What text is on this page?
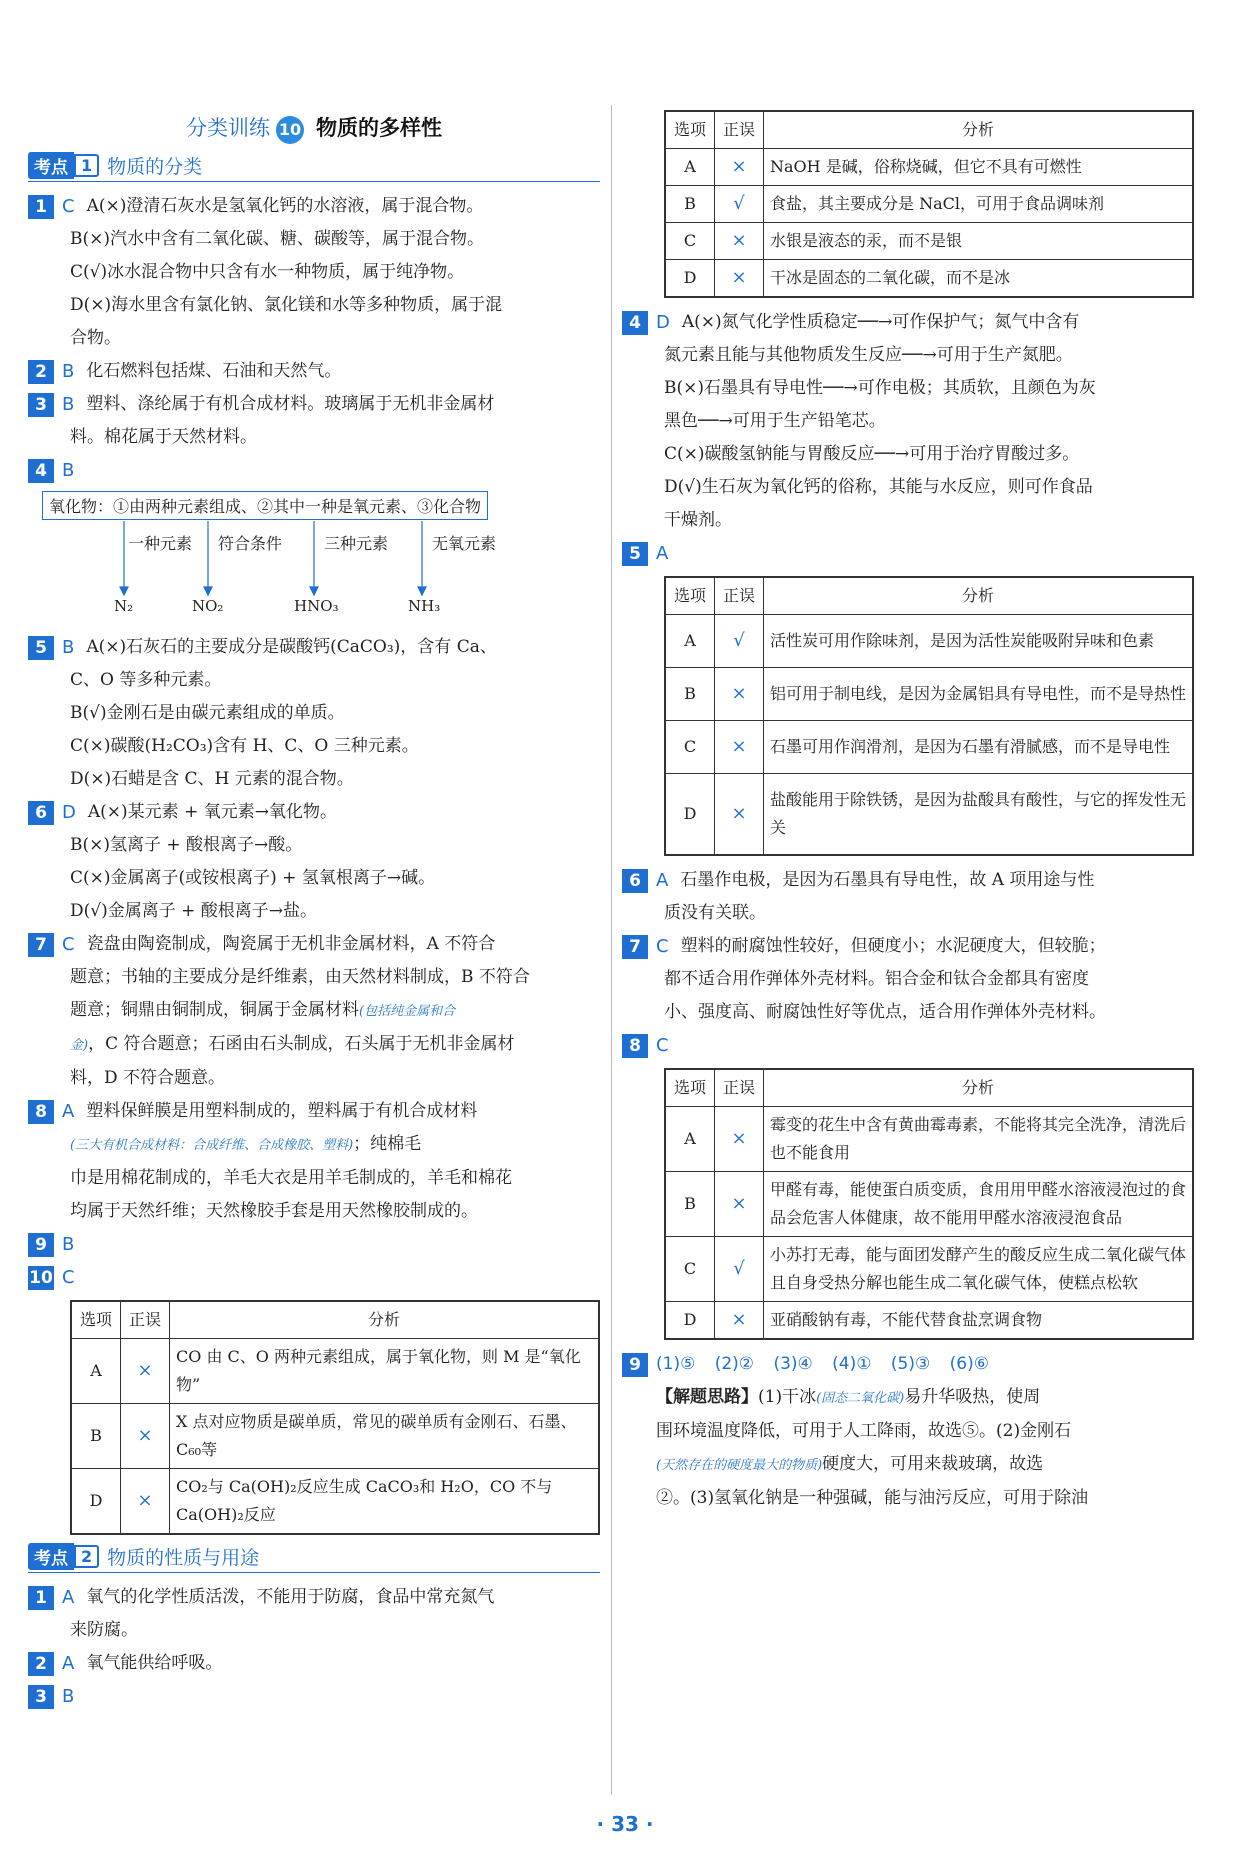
分类训练 10 物质的多样性
考点 1 物质的分类
1 C A(×)澄清石灰水是氢氧化钙的水溶液，属于混合物。
B(×)汽水中含有二氧化碳、糖、碳酸等，属于混合物。
C(√)冰水混合物中只含有水一种物质，属于纯净物。
D(×)海水里含有氯化钠、氯化镁和水等多种物质，属于混
合物。
2 B 化石燃料包括煤、石油和天然气。
3 B 塑料、涤纶属于有机合成材料。玻璃属于无机非金属材
料。棉花属于天然材料。
4 B
氧化物：①由两种元素组成、②其中一种是氧元素、③化合物
一种元素 符合条件	三种元素	无氧元素
N₂	NO₂	HNO₃	NH₃
5 B A(×)石灰石的主要成分是碳酸钙(CaCO₃)，含有 Ca、
C、O 等多种元素。
B(√)金刚石是由碳元素组成的单质。
C(×)碳酸(H₂CO₃)含有 H、C、O 三种元素。
D(×)石蜡是含 C、H 元素的混合物。
6 D A(×)某元素 + 氧元素→氧化物。
B(×)氢离子 + 酸根离子→酸。
C(×)金属离子(或铵根离子) + 氢氧根离子→碱。
D(√)金属离子 + 酸根离子→盐。
7 C 瓷盘由陶瓷制成，陶瓷属于无机非金属材料，A 不符合
题意；书轴的主要成分是纤维素，由天然材料制成，B 不符合
题意；铜鼎由铜制成，铜属于金属材料(包括纯金属和合
金)，C 符合题意；石函由石头制成，石头属于无机非金属材
料，D 不符合题意。
8 A 塑料保鲜膜是用塑料制成的，塑料属于有机合成材料
(三大有机合成材料：合成纤维、合成橡胶、塑料)；纯棉毛
巾是用棉花制成的，羊毛大衣是用羊毛制成的，羊毛和棉花
均属于天然纤维；天然橡胶手套是用天然橡胶制成的。
9 B
10 C
选项	正误	分析
A	×	CO 由 C、O 两种元素组成，属于氧化物，则 M 是“氧化物”
B	×	X 点对应物质是碳单质，常见的碳单质有金刚石、石墨、C₆₀等
D	×	CO₂与 Ca(OH)₂反应生成 CaCO₃和 H₂O，CO 不与Ca(OH)₂反应
考点 2 物质的性质与用途
1 A 氧气的化学性质活泼，不能用于防腐，食品中常充氮气
来防腐。
2 A 氧气能供给呼吸。
3 B
选项	正误	分析
A	×	NaOH 是碱，俗称烧碱，但它不具有可燃性
B	√	食盐，其主要成分是 NaCl，可用于食品调味剂
C	×	水银是液态的汞，而不是银
D	×	干冰是固态的二氧化碳，而不是冰
4 D A(×)氮气化学性质稳定──→可作保护气；氮气中含有
氮元素且能与其他物质发生反应──→可用于生产氮肥。
B(×)石墨具有导电性──→可作电极；其质软，且颜色为灰
黑色──→可用于生产铅笔芯。
C(×)碳酸氢钠能与胃酸反应──→可用于治疗胃酸过多。
D(√)生石灰为氧化钙的俗称，其能与水反应，则可作食品
干燥剂。
5 A
选项	正误	分析
A	√	活性炭可用作除味剂，是因为活性炭能吸附异味和色素
B	×	铝可用于制电线，是因为金属铝具有导电性，而不是导热性
C	×	石墨可用作润滑剂，是因为石墨有滑腻感，而不是导电性
D	×	盐酸能用于除铁锈，是因为盐酸具有酸性，与它的挥发性无关
6 A 石墨作电极，是因为石墨具有导电性，故 A 项用途与性
质没有关联。
7 C 塑料的耐腐蚀性较好，但硬度小；水泥硬度大，但较脆；
都不适合用作弹体外壳材料。铝合金和钛合金都具有密度
小、强度高、耐腐蚀性好等优点，适合用作弹体外壳材料。
8 C
选项	正误	分析
A	×	霉变的花生中含有黄曲霉毒素，不能将其完全洗净，清洗后也不能食用
B	×	甲醛有毒，能使蛋白质变质，食用用甲醛水溶液浸泡过的食品会危害人体健康，故不能用甲醛水溶液浸泡食品
C	√	小苏打无毒，能与面团发酵产生的酸反应生成二氧化碳气体且自身受热分解也能生成二氧化碳气体，使糕点松软
D	×	亚硝酸钠有毒，不能代替食盐烹调食物
9 (1)⑤ (2)② (3)④ (4)① (5)③ (6)⑥
【解题思路】(1)干冰(固态二氧化碳)易升华吸热，使周
围环境温度降低，可用于人工降雨，故选⑤。(2)金刚石
(天然存在的硬度最大的物质)硬度大，可用来裁玻璃，故选
②。(3)氢氧化钠是一种强碱，能与油污反应，可用于除油
· 33 ·
